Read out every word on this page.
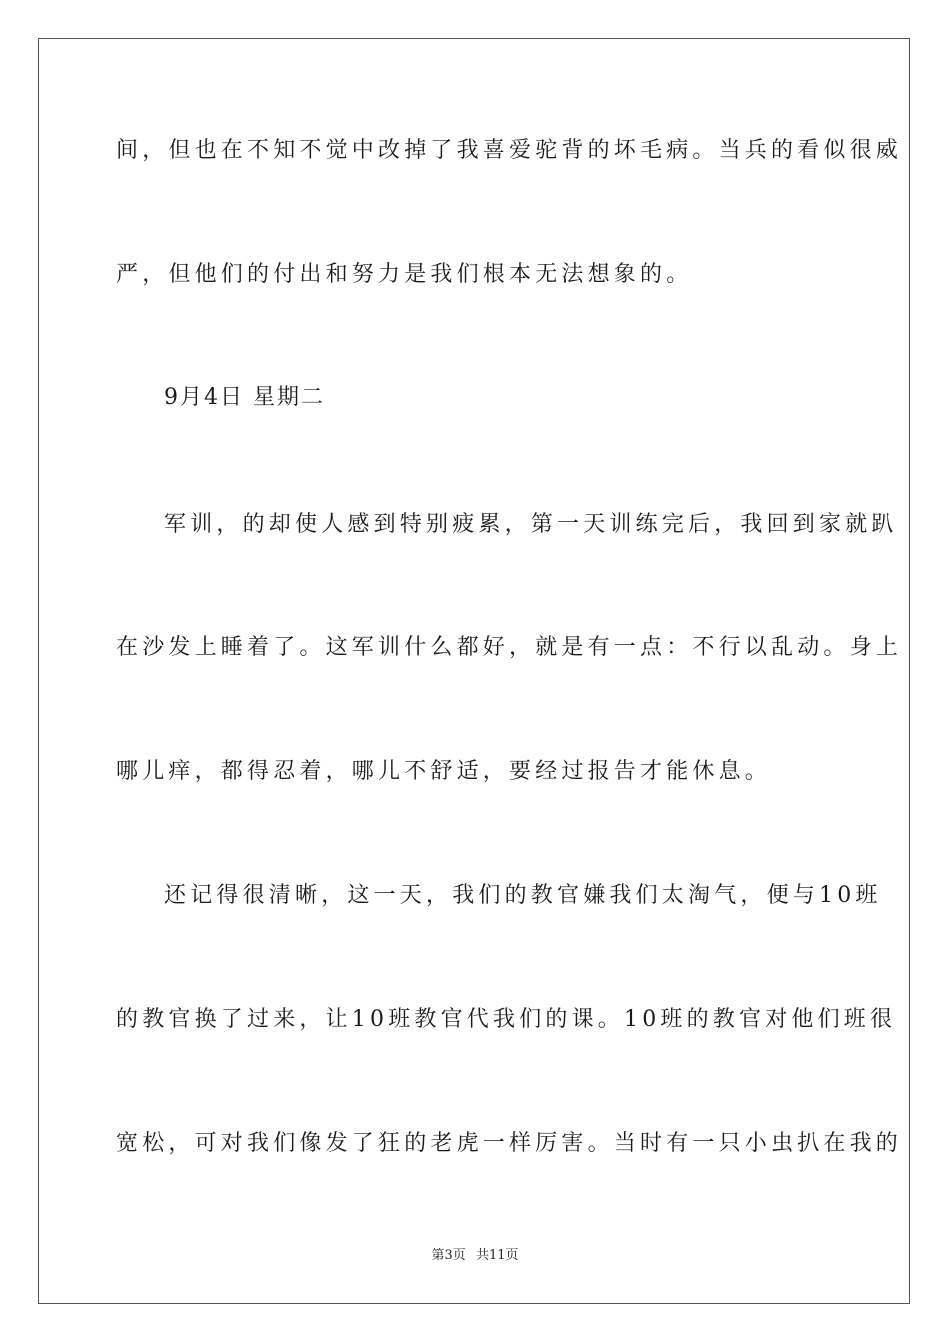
间，但也在不知不觉中改掉了我喜爱驼背的坏毛病。当兵的看似很威
严，但他们的付出和努力是我们根本无法想象的。
9月4日 星期二
军训，的却使人感到特别疲累，第一天训练完后，我回到家就趴
在沙发上睡着了。这军训什么都好，就是有一点：不行以乱动。身上
哪儿痒，都得忍着，哪儿不舒适，要经过报告才能休息。
还记得很清晰，这一天，我们的教官嫌我们太淘气，便与10班
的教官换了过来，让10班教官代我们的课。10班的教官对他们班很
宽松，可对我们像发了狂的老虎一样厉害。当时有一只小虫扒在我的
第3页 共11页
